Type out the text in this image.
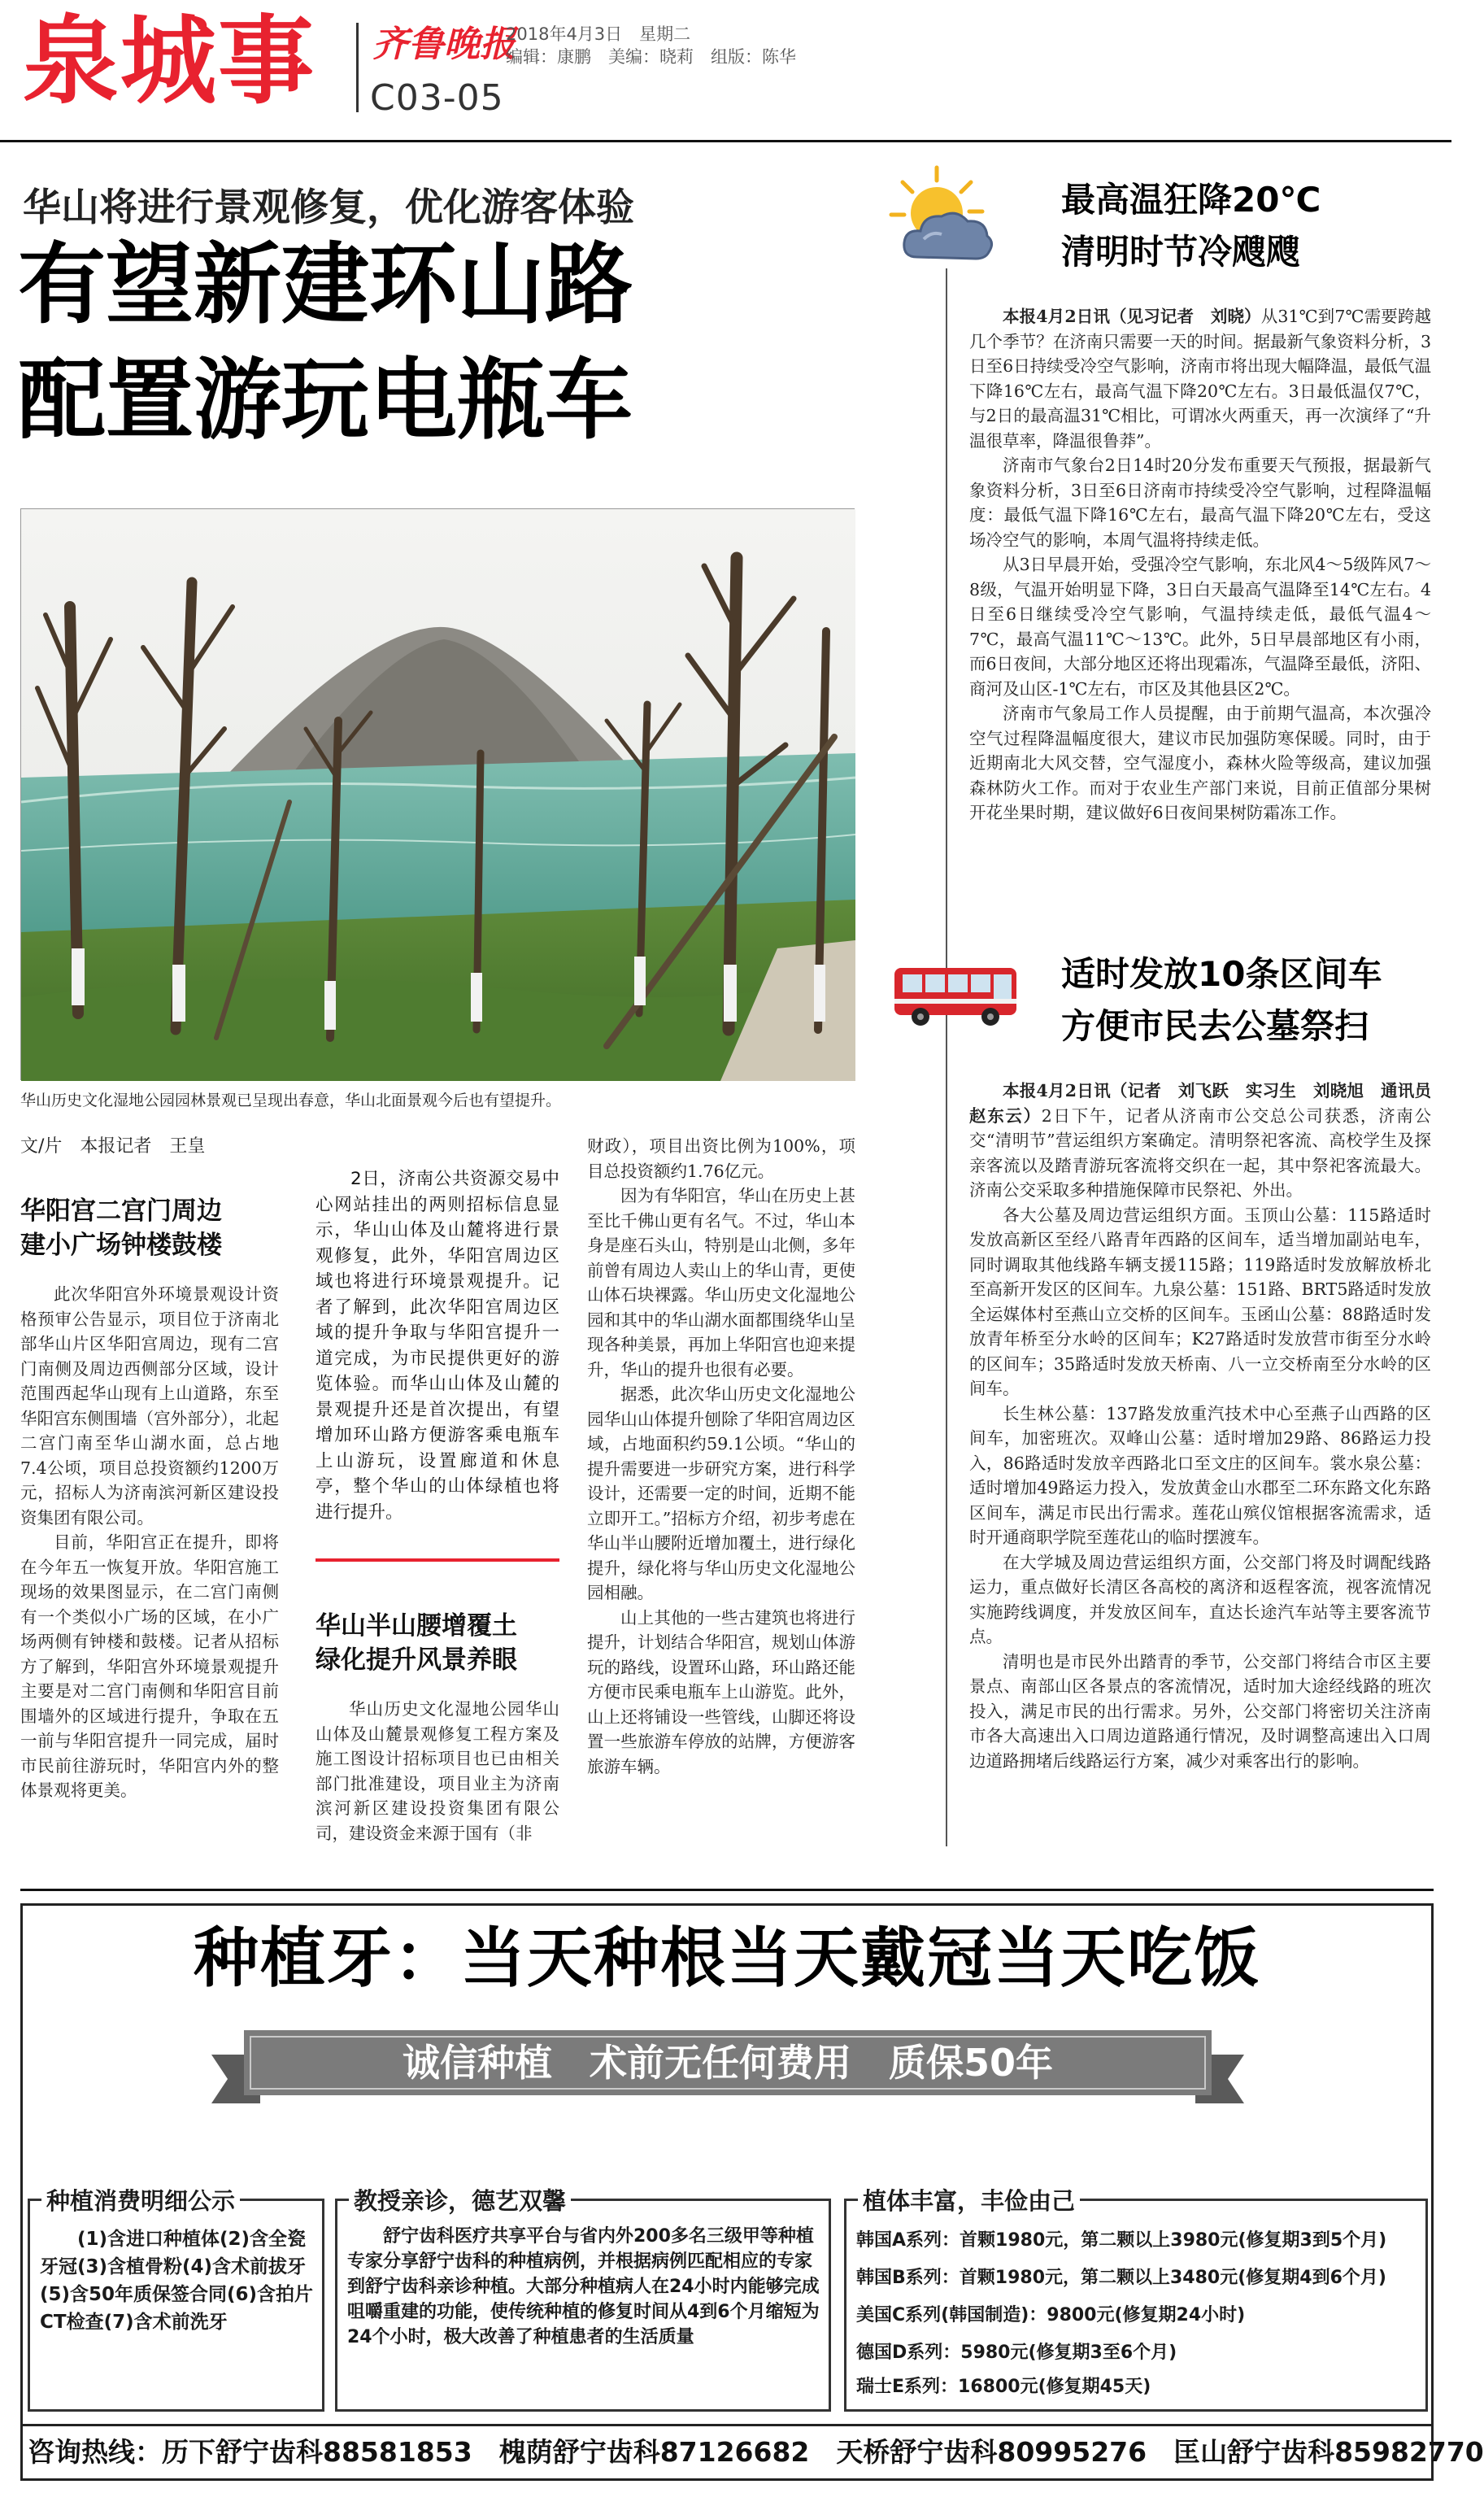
泉城事 齐鲁晚报
2018年4月3日　星期二
编辑：康鹏　美编：晓莉　组版：陈华
C03-05
华山将进行景观修复，优化游客体验
有望新建环山路
配置游玩电瓶车
华山历史文化湿地公园园林景观已呈现出春意，华山北面景观今后也有望提升。
文/片　本报记者　王皇
华阳宫二宫门周边
建小广场钟楼鼓楼

此次华阳宫外环境景观设计资格预审公告显示，项目位于济南北部华山片区华阳宫周边，现有二宫门南侧及周边西侧部分区域，设计范围西起华山现有上山道路，东至华阳宫东侧围墙（宫外部分），北起二宫门南至华山湖水面，总占地7.4公顷，项目总投资额约1200万元，招标人为济南滨河新区建设投资集团有限公司。

目前，华阳宫正在提升，即将在今年五一恢复开放。华阳宫施工现场的效果图显示，在二宫门南侧有一个类似小广场的区域，在小广场两侧有钟楼和鼓楼。记者从招标方了解到，华阳宫外环境景观提升主要是对二宫门南侧和华阳宫目前围墙外的区域进行提升，争取在五一前与华阳宫提升一同完成，届时市民前往游玩时，华阳宫内外的整体景观将更美。

2日，济南公共资源交易中心网站挂出的两则招标信息显示，华山山体及山麓将进行景观修复，此外，华阳宫周边区域也将进行环境景观提升。记者了解到，此次华阳宫周边区域的提升争取与华阳宫提升一道完成，为市民提供更好的游览体验。而华山山体及山麓的景观提升还是首次提出，有望增加环山路方便游客乘电瓶车上山游玩，设置廊道和休息亭，整个华山的山体绿植也将进行提升。
华山半山腰增覆土
绿化提升风景养眼

华山历史文化湿地公园华山山体及山麓景观修复工程方案及施工图设计招标项目也已由相关部门批准建设，项目业主为济南滨河新区建设投资集团有限公司，建设资金来源于国有（非

财政），项目出资比例为100%，项目总投资额约1.76亿元。

因为有华阳宫，华山在历史上甚至比千佛山更有名气。不过，华山本身是座石头山，特别是山北侧，多年前曾有周边人卖山上的华山青，更使山体石块裸露。华山历史文化湿地公园和其中的华山湖水面都围绕华山呈现各种美景，再加上华阳宫也迎来提升，华山的提升也很有必要。

据悉，此次华山历史文化湿地公园华山山体提升刨除了华阳宫周边区域，占地面积约59.1公顷。“华山的提升需要进一步研究方案，进行科学设计，还需要一定的时间，近期不能立即开工。”招标方介绍，初步考虑在华山半山腰附近增加覆土，进行绿化提升，绿化将与华山历史文化湿地公园相融。

山上其他的一些古建筑也将进行提升，计划结合华阳宫，规划山体游玩的路线，设置环山路，环山路还能方便市民乘电瓶车上山游览。此外，山上还将铺设一些管线，山脚还将设置一些旅游车停放的站牌，方便游客旅游车辆。

最高温狂降20℃
清明时节冷飕飕

本报4月2日讯（见习记者　刘晓）从31℃到7℃需要跨越几个季节？在济南只需要一天的时间。据最新气象资料分析，3日至6日持续受冷空气影响，济南市将出现大幅降温，最低气温下降16℃左右，最高气温下降20℃左右。3日最低温仅7℃，与2日的最高温31℃相比，可谓冰火两重天，再一次演绎了“升温很草率，降温很鲁莽”。

济南市气象台2日14时20分发布重要天气预报，据最新气象资料分析，3日至6日济南市持续受冷空气影响，过程降温幅度：最低气温下降16℃左右，最高气温下降20℃左右，受这场冷空气的影响，本周气温将持续走低。

从3日早晨开始，受强冷空气影响，东北风4～5级阵风7～8级，气温开始明显下降，3日白天最高气温降至14℃左右。4日至6日继续受冷空气影响，气温持续走低，最低气温4～7℃，最高气温11℃～13℃。此外，5日早晨部地区有小雨，而6日夜间，大部分地区还将出现霜冻，气温降至最低，济阳、商河及山区-1℃左右，市区及其他县区2℃。

济南市气象局工作人员提醒，由于前期气温高，本次强冷空气过程降温幅度很大，建议市民加强防寒保暖。同时，由于近期南北大风交替，空气湿度小，森林火险等级高，建议加强森林防火工作。而对于农业生产部门来说，目前正值部分果树开花坐果时期，建议做好6日夜间果树防霜冻工作。

适时发放10条区间车
方便市民去公墓祭扫

本报4月2日讯（记者　刘飞跃　实习生　刘晓旭　通讯员　赵东云）2日下午，记者从济南市公交总公司获悉，济南公交“清明节”营运组织方案确定。清明祭祀客流、高校学生及探亲客流以及踏青游玩客流将交织在一起，其中祭祀客流最大。济南公交采取多种措施保障市民祭祀、外出。

各大公墓及周边营运组织方面。玉顶山公墓：115路适时发放高新区至经八路青年西路的区间车，适当增加副站电车，同时调取其他线路车辆支援115路；119路适时发放解放桥北至高新开发区的区间车。九泉公墓：151路、BRT5路适时发放全运媒体村至燕山立交桥的区间车。玉函山公墓：88路适时发放青年桥至分水岭的区间车；K27路适时发放营市街至分水岭的区间车；35路适时发放天桥南、八一立交桥南至分水岭的区间车。

长生林公墓：137路发放重汽技术中心至燕子山西路的区间车，加密班次。双峰山公墓：适时增加29路、86路运力投入，86路适时发放辛西路北口至文庄的区间车。裳水泉公墓：适时增加49路运力投入，发放黄金山水郡至二环东路文化东路区间车，满足市民出行需求。莲花山殡仪馆根据客流需求，适时开通商职学院至莲花山的临时摆渡车。

在大学城及周边营运组织方面，公交部门将及时调配线路运力，重点做好长清区各高校的离济和返程客流，视客流情况实施跨线调度，并发放区间车，直达长途汽车站等主要客流节点。

清明也是市民外出踏青的季节，公交部门将结合市区主要景点、南部山区各景点的客流情况，适时加大途经线路的班次投入，满足市民的出行需求。另外，公交部门将密切关注济南市各大高速出入口周边道路通行情况，及时调整高速出入口周边道路拥堵后线路运行方案，减少对乘客出行的影响。

种植牙：当天种根当天戴冠当天吃饭
诚信种植　术前无任何费用　质保50年
种植消费明细公示
(1)含进口种植体(2)含全瓷牙冠(3)含植骨粉(4)含术前拔牙(5)含50年质保签合同(6)含拍片CT检查(7)含术前洗牙
教授亲诊，德艺双馨
舒宁齿科医疗共享平台与省内外200多名三级甲等种植专家分享舒宁齿科的种植病例，并根据病例匹配相应的专家到舒宁齿科亲诊种植。大部分种植病人在24小时内能够完成咀嚼重建的功能，使传统种植的修复时间从4到6个月缩短为24个小时，极大改善了种植患者的生活质量
植体丰富，丰俭由己
韩国A系列：首颗1980元，第二颗以上3980元(修复期3到5个月)
韩国B系列：首颗1980元，第二颗以上3480元(修复期4到6个月)
美国C系列(韩国制造)：9800元(修复期24小时)
德国D系列：5980元(修复期3至6个月)
瑞士E系列：16800元(修复期45天)
咨询热线：历下舒宁齿科88581853　槐荫舒宁齿科87126682　天桥舒宁齿科80995276　匡山舒宁齿科85982770
